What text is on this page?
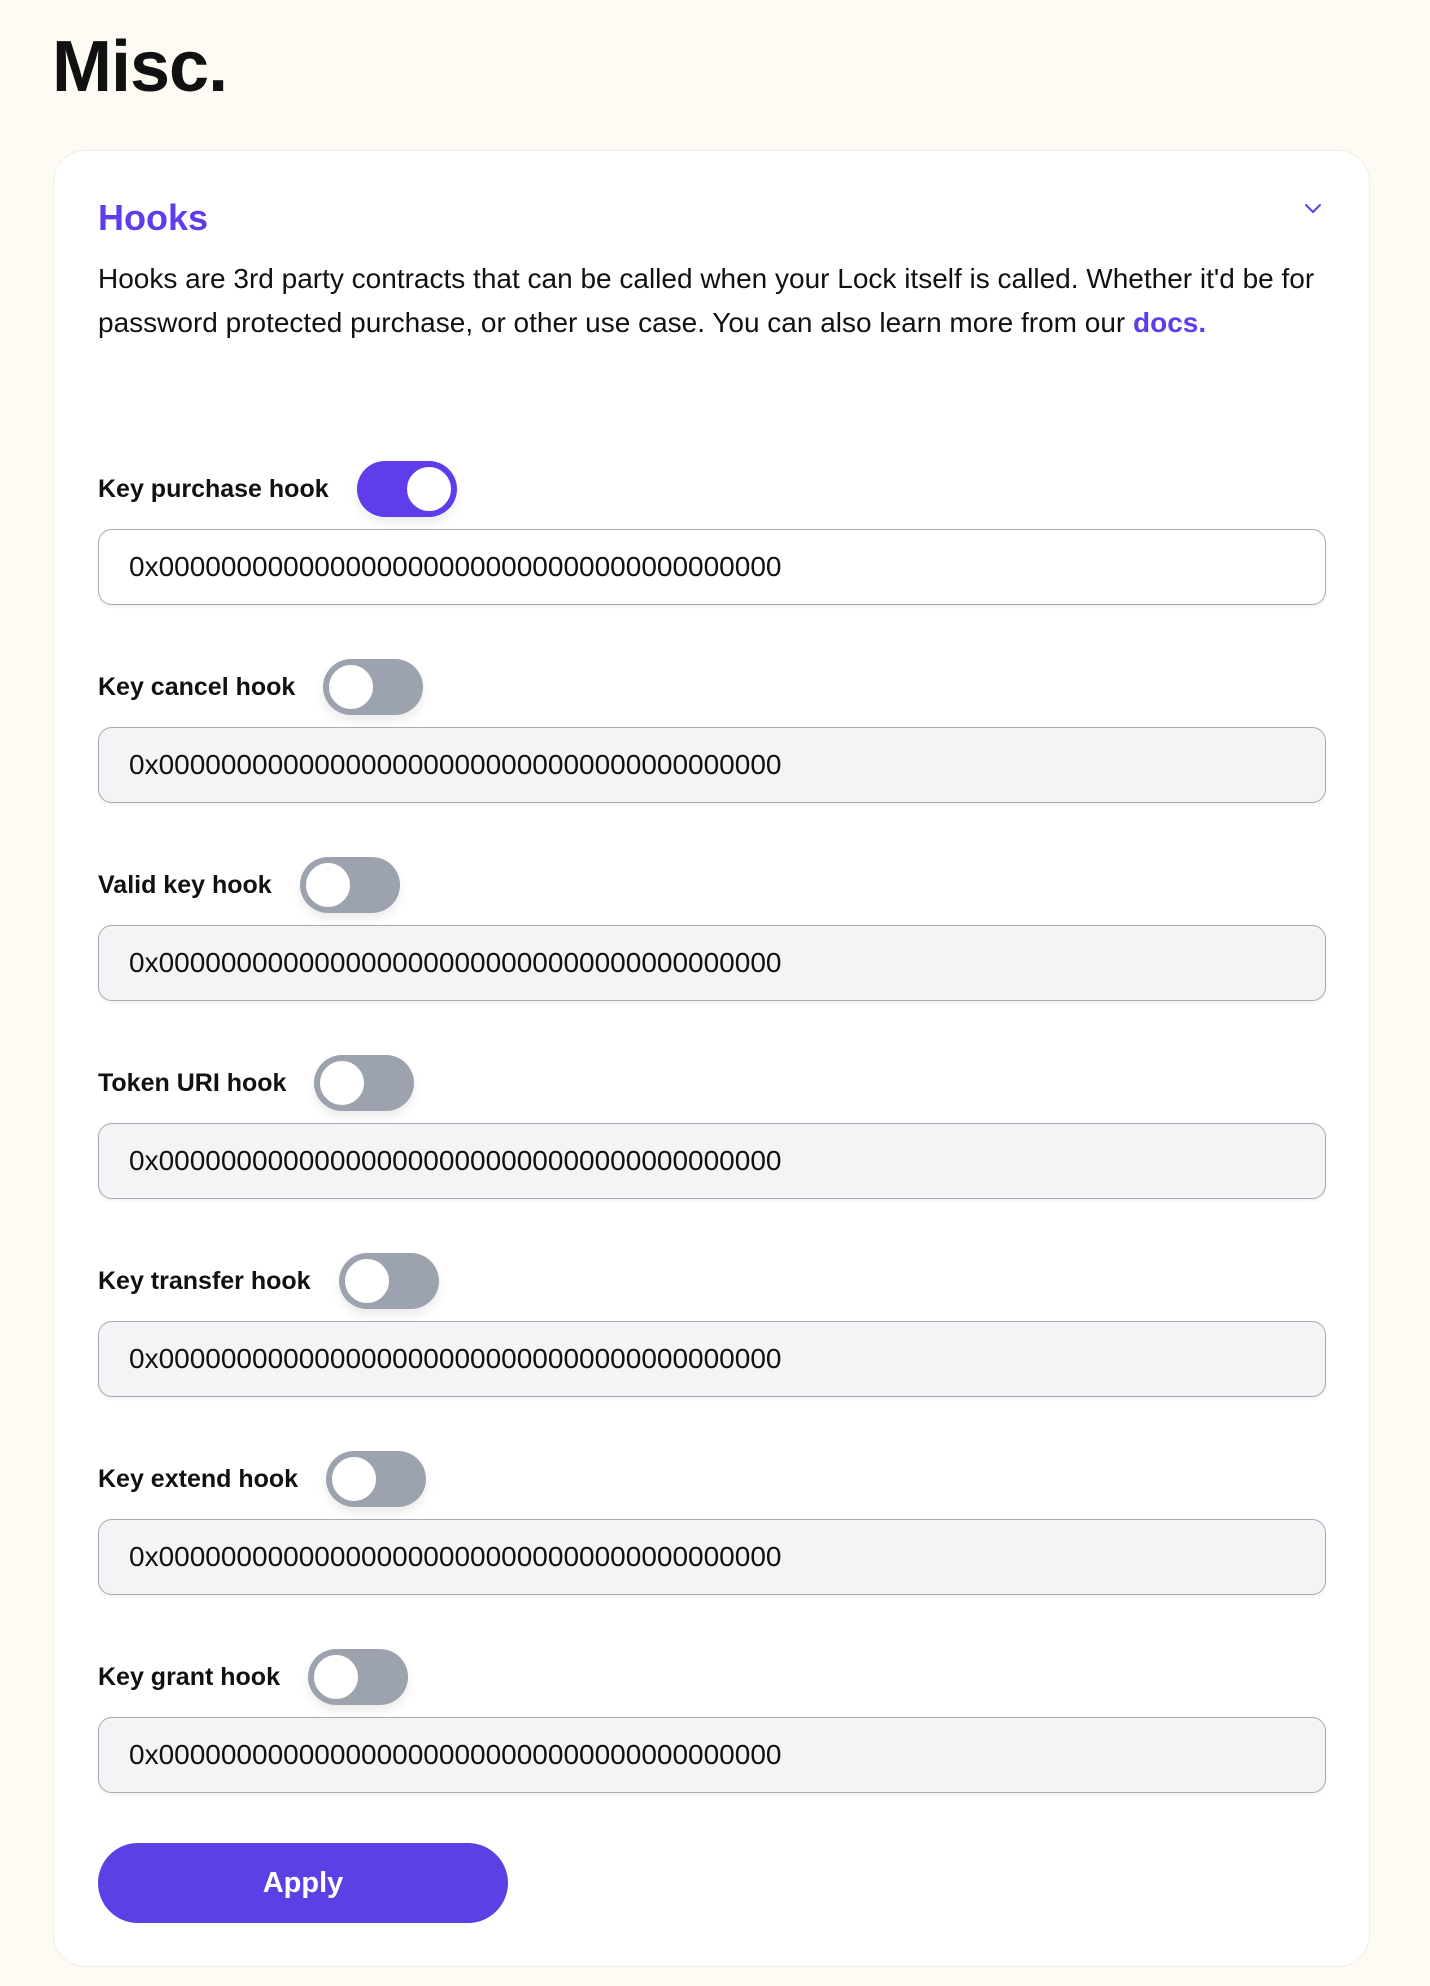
Misc.
Hooks

Hooks are 3rd party contracts that can be called when your Lock itself is called. Whether it'd be for password protected purchase, or other use case. You can also learn more from our docs.

Key purchase hook
0x0000000000000000000000000000000000000000
Key cancel hook
0x0000000000000000000000000000000000000000
Valid key hook
0x0000000000000000000000000000000000000000
Token URI hook
0x0000000000000000000000000000000000000000
Key transfer hook
0x0000000000000000000000000000000000000000
Key extend hook
0x0000000000000000000000000000000000000000
Key grant hook
0x0000000000000000000000000000000000000000
Apply
